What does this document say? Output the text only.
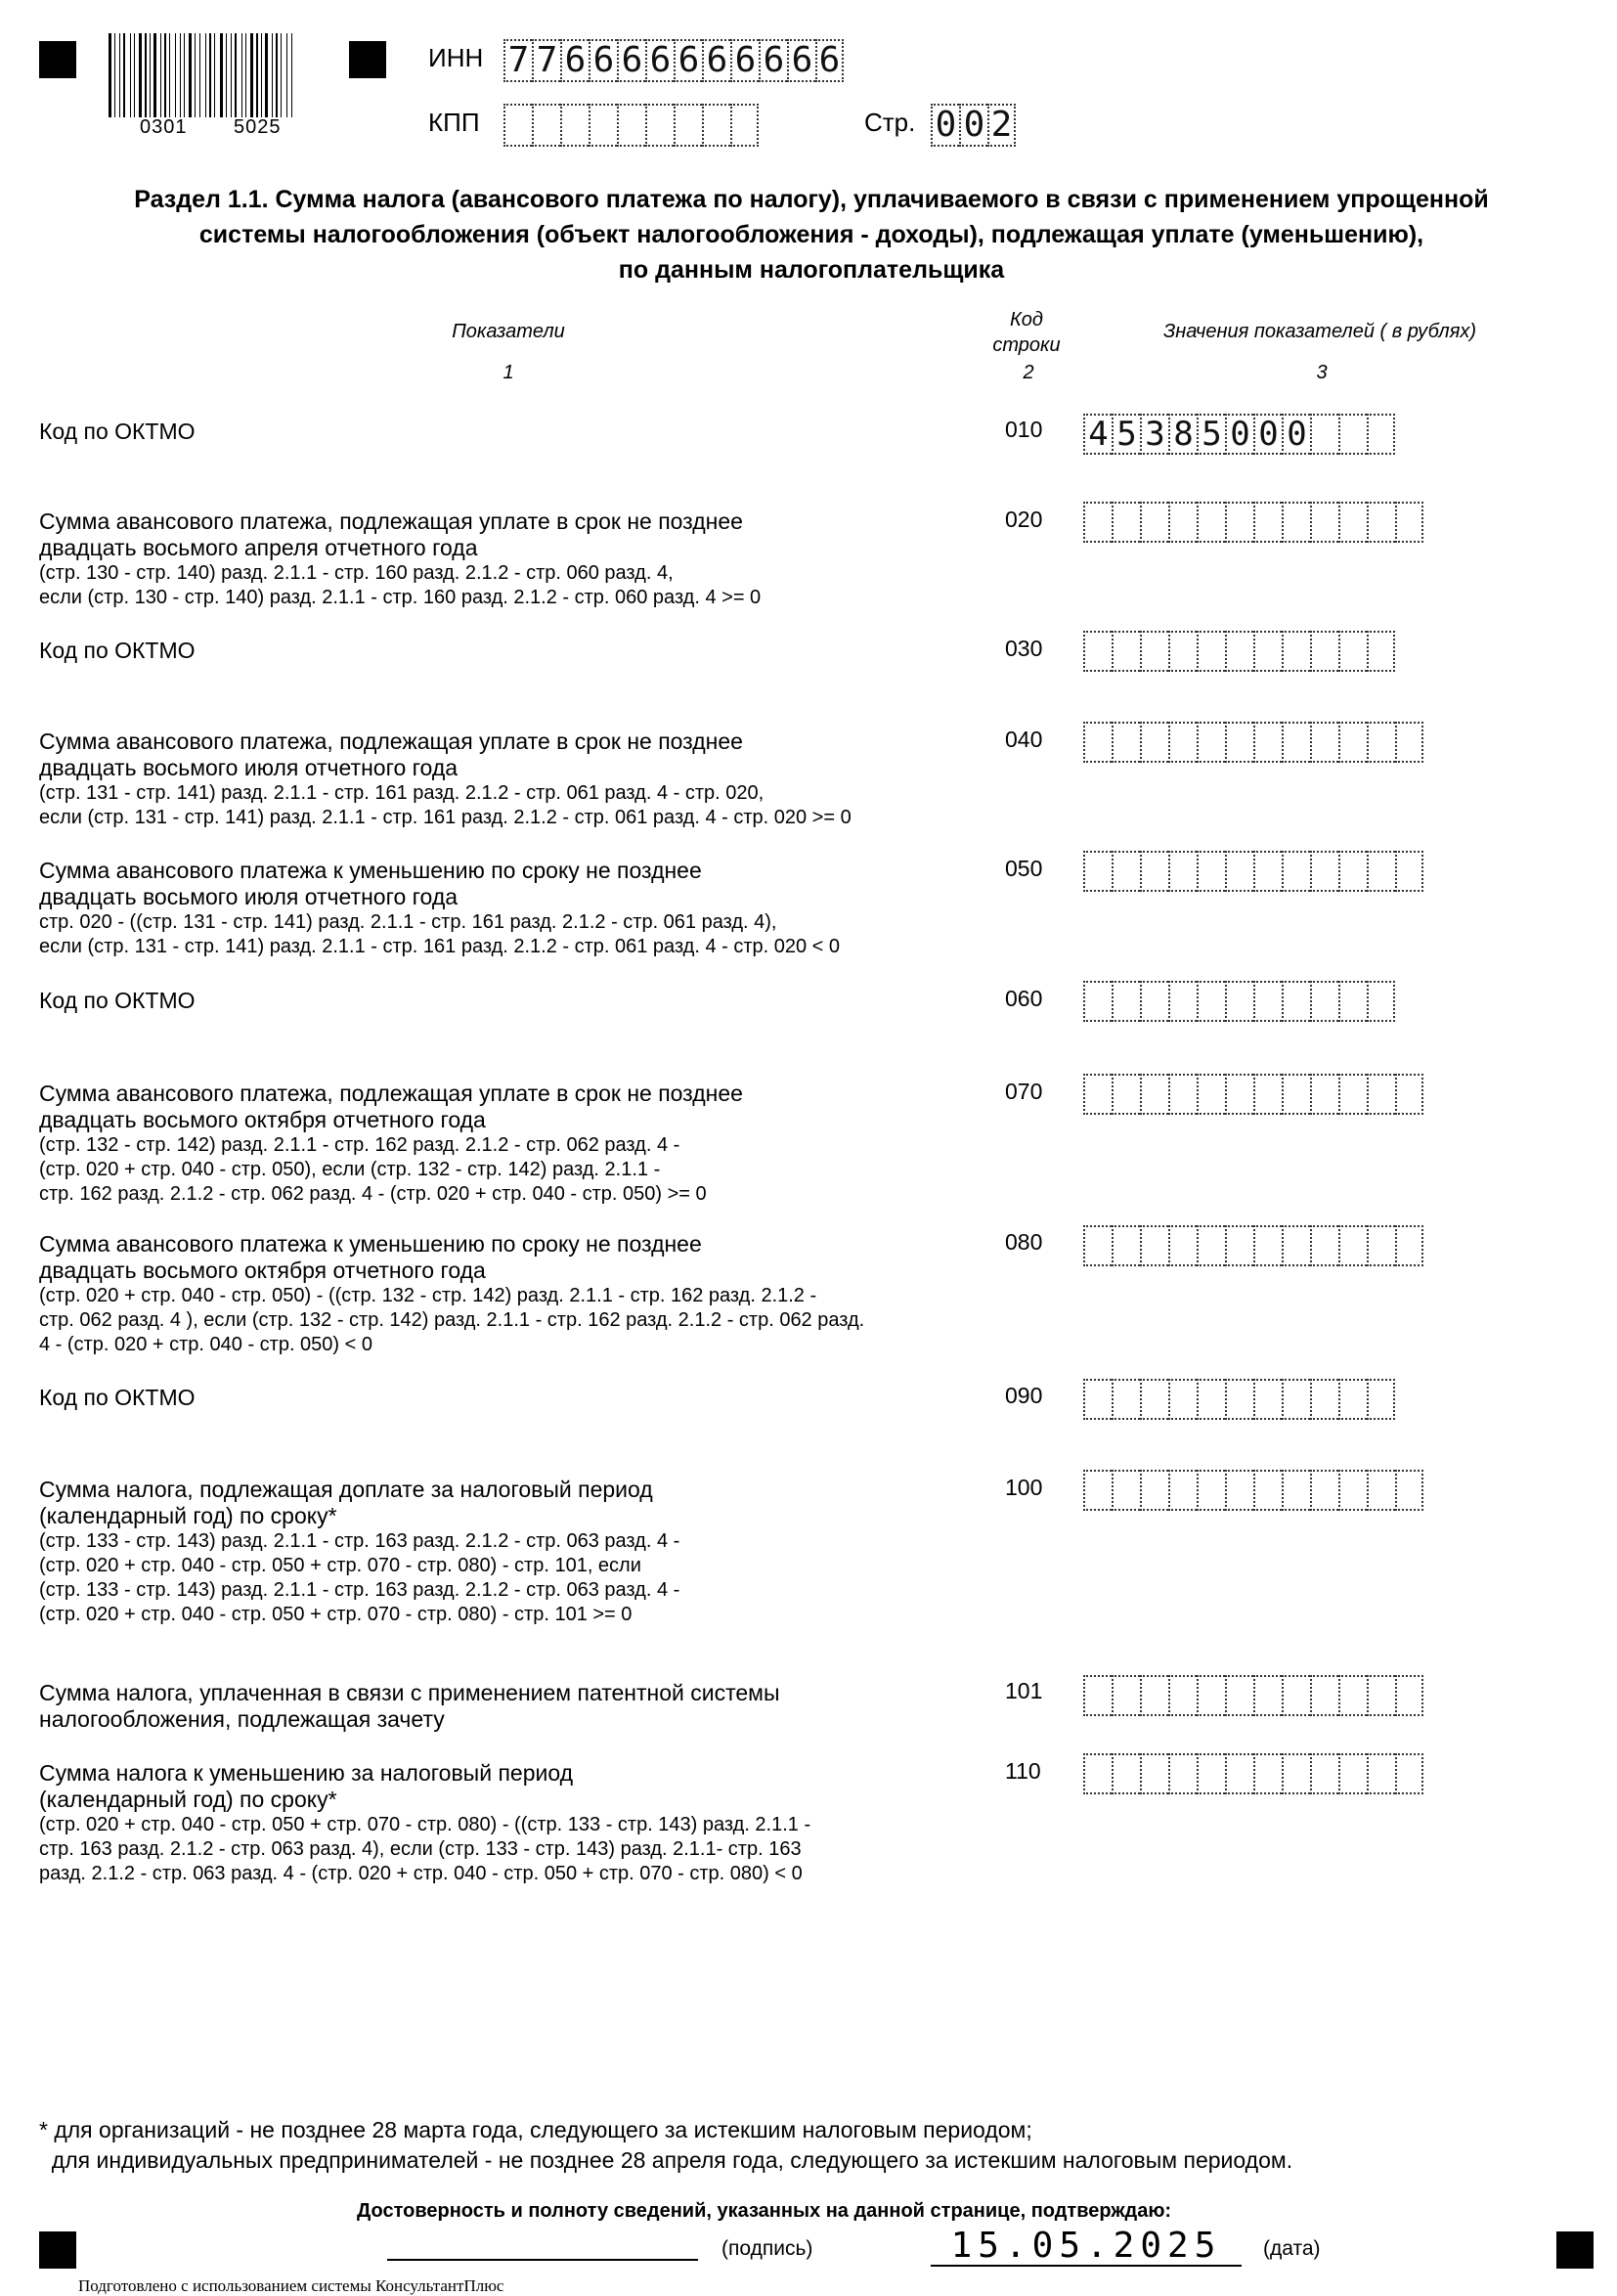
0301 5025
ИНН 7 7 6 6 6 6 6 6 6 6 6 6
КПП	Стр. 0 0 2
Раздел 1.1. Сумма налога (авансового платежа по налогу), уплачиваемого в связи с применением упрощенной
системы налогообложения (объект налогообложения - доходы), подлежащая уплате (уменьшению),
по данным налогоплательщика
Показатели
Код
строки
Значения показателей ( в рублях)
1	2	3
Код по ОКТМО	010 4 5 3 8 5 0 0 0
Сумма авансового платежа, подлежащая уплате в срок не позднее
двадцать восьмого апреля отчетного года
(стр. 130 - стр. 140) разд. 2.1.1 - стр. 160 разд. 2.1.2 - стр. 060 разд. 4,
если (стр. 130 - стр. 140) разд. 2.1.1 - стр. 160 разд. 2.1.2 - стр. 060 разд. 4 >= 0
020
Код по ОКТМО	030
Сумма авансового платежа, подлежащая уплате в срок не позднее
двадцать восьмого июля отчетного года
(стр. 131 - стр. 141) разд. 2.1.1 - стр. 161 разд. 2.1.2 - стр. 061 разд. 4 - стр. 020,
если (стр. 131 - стр. 141) разд. 2.1.1 - стр. 161 разд. 2.1.2 - стр. 061 разд. 4 - стр. 020 >= 0
040
Сумма авансового платежа к уменьшению по сроку не позднее
двадцать восьмого июля отчетного года
стр. 020 - ((стр. 131 - стр. 141) разд. 2.1.1 - стр. 161 разд. 2.1.2 - стр. 061 разд. 4),
если (стр. 131 - стр. 141) разд. 2.1.1 - стр. 161 разд. 2.1.2 - стр. 061 разд. 4 - стр. 020 < 0
050
Код по ОКТМО	060
Сумма авансового платежа, подлежащая уплате в срок не позднее
двадцать восьмого октября отчетного года
(стр. 132 - стр. 142) разд. 2.1.1 - стр. 162 разд. 2.1.2 - стр. 062 разд. 4 -
(стр. 020 + стр. 040 - стр. 050), если (стр. 132 - стр. 142) разд. 2.1.1 -
стр. 162 разд. 2.1.2 - стр. 062 разд. 4 - (стр. 020 + стр. 040 - стр. 050) >= 0
070
Сумма авансового платежа к уменьшению по сроку не позднее
двадцать восьмого октября отчетного года
(стр. 020 + стр. 040 - стр. 050) - ((стр. 132 - стр. 142) разд. 2.1.1 - стр. 162 разд. 2.1.2 -
стр. 062 разд. 4 ), если (стр. 132 - стр. 142) разд. 2.1.1 - стр. 162 разд. 2.1.2 - стр. 062 разд.
4 - (стр. 020 + стр. 040 - стр. 050) < 0
080
Код по ОКТМО	090
Сумма налога, подлежащая доплате за налоговый период
(календарный год) по сроку*
(стр. 133 - стр. 143) разд. 2.1.1 - стр. 163 разд. 2.1.2 - стр. 063 разд. 4 -
(стр. 020 + стр. 040 - стр. 050 + стр. 070 - стр. 080) - стр. 101, если
(стр. 133 - стр. 143) разд. 2.1.1 - стр. 163 разд. 2.1.2 - стр. 063 разд. 4 -
(стр. 020 + стр. 040 - стр. 050 + стр. 070 - стр. 080) - стр. 101 >= 0
100
Сумма налога, уплаченная в связи с применением патентной системы
налогообложения, подлежащая зачету
101
Сумма налога к уменьшению за налоговый период
(календарный год) по сроку*
(стр. 020 + стр. 040 - стр. 050 + стр. 070 - стр. 080) - ((стр. 133 - стр. 143) разд. 2.1.1 -
стр. 163 разд. 2.1.2 - стр. 063 разд. 4), если (стр. 133 - стр. 143) разд. 2.1.1- стр. 163
разд. 2.1.2 - стр. 063 разд. 4 - (стр. 020 + стр. 040 - стр. 050 + стр. 070 - стр. 080) < 0
110
* для организаций - не позднее 28 марта года, следующего за истекшим налоговым периодом;
для индивидуальных предпринимателей - не позднее 28 апреля года, следующего за истекшим налоговым периодом.
Достоверность и полноту сведений, указанных на данной странице, подтверждаю:
(подпись)	15.05.2025	(дата)
Подготовлено с использованием системы КонсультантПлюс
